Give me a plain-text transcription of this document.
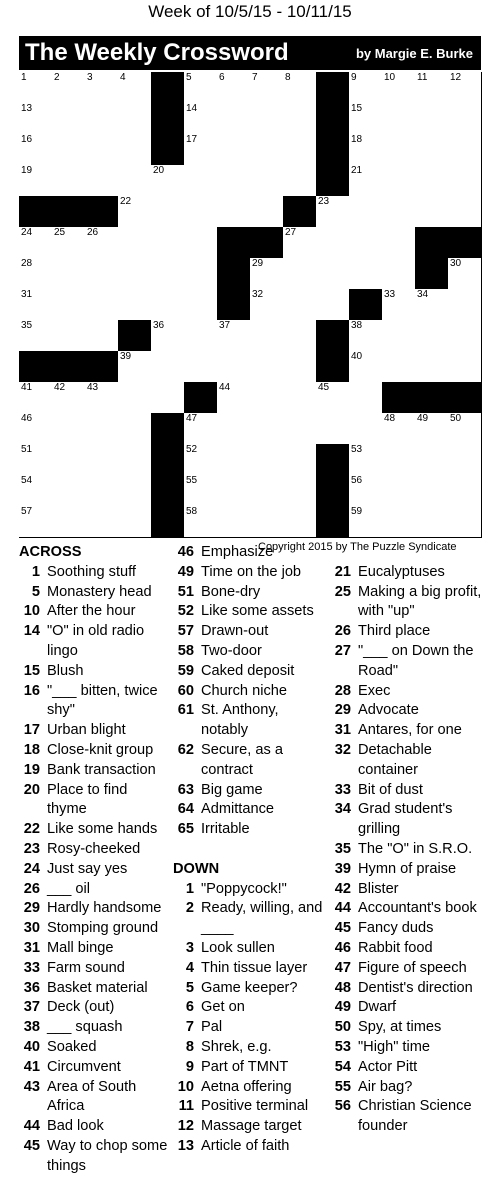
Week of 10/5/15 - 10/11/15
The Weekly Crossword	by Margie E. Burke
1	2	3	4	5	6	7	8	9	10 11 12
13	14	15
16	17	18
19	20	21
22	23
24 25 26	27
28	29	30
31	32	33 34
35	36	37	38
39	40
41 42 43	44	45
46	47	48 49 50
51	52	53
54	55	56
57	58	59
Copyright 2015 by The Puzzle Syndicate
ACROSS
1 Soothing stuff
5 Monastery head
10 After the hour
14 "O" in old radio lingo
15 Blush
16 "___ bitten, twice shy"
17 Urban blight
18 Close-knit group
19 Bank transaction
20 Place to find thyme
22 Like some hands
23 Rosy-cheeked
24 Just say yes
26 ___ oil
29 Hardly handsome
30 Stomping ground
31 Mall binge
33 Farm sound
36 Basket material
37 Deck (out)
38 ___ squash
40 Soaked
41 Circumvent
43 Area of South Africa
44 Bad look
45 Way to chop some things
46 Emphasize
49 Time on the job
51 Bone-dry
52 Like some assets
57 Drawn-out
58 Two-door
59 Caked deposit
60 Church niche
61 St. Anthony, notably
62 Secure, as a contract
63 Big game
64 Admittance
65 Irritable
DOWN
1 "Poppycock!"
2 Ready, willing, and ____
3 Look sullen
4 Thin tissue layer
5 Game keeper?
6 Get on
7 Pal
8 Shrek, e.g.
9 Part of TMNT
10 Aetna offering
11 Positive terminal
12 Massage target
13 Article of faith
21 Eucalyptuses
25 Making a big profit, with "up"
26 Third place
27 "___ on Down the Road"
28 Exec
29 Advocate
31 Antares, for one
32 Detachable container
33 Bit of dust
34 Grad student's grilling
35 The "O" in S.R.O.
39 Hymn of praise
42 Blister
44 Accountant's book
45 Fancy duds
46 Rabbit food
47 Figure of speech
48 Dentist's direction
49 Dwarf
50 Spy, at times
53 "High" time
54 Actor Pitt
55 Air bag?
56 Christian Science founder
